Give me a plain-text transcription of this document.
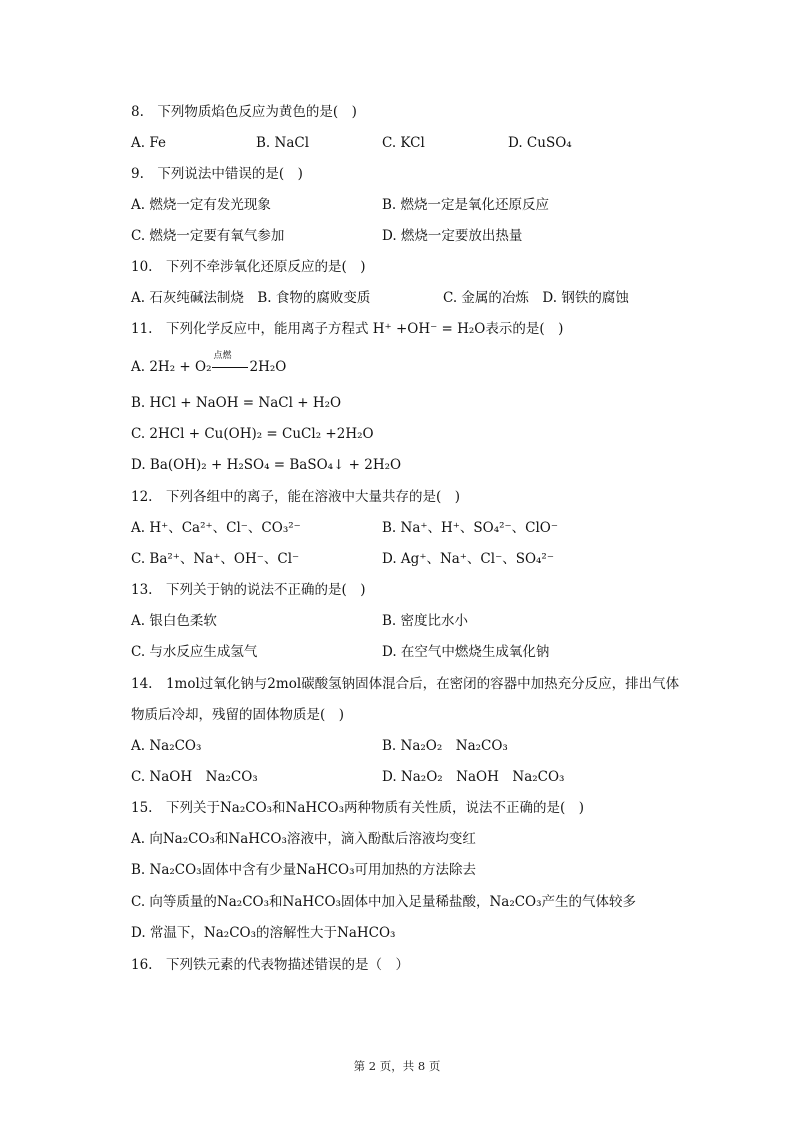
8.　下列物质焰色反应为黄色的是(　)
A. Fe	B. NaCl	C. KCl	D. CuSO₄
9.　下列说法中错误的是(　)
A. 燃烧一定有发光现象	B. 燃烧一定是氧化还原反应
C. 燃烧一定要有氧气参加	D. 燃烧一定要放出热量
10.　下列不牵涉氧化还原反应的是(　)
A. 石灰纯碱法制烧　B. 食物的腐败变质	C. 金属的冶炼　D. 钢铁的腐蚀
11.　下列化学反应中，能用离子方程式 H⁺ +OH⁻ = H₂O表示的是(　)
A. 2H₂ + O₂
点燃
2H₂O
B. HCl + NaOH = NaCl + H₂O
C. 2HCl + Cu(OH)₂ = CuCl₂ +2H₂O
D. Ba(OH)₂ + H₂SO₄ = BaSO₄↓ + 2H₂O
12.　下列各组中的离子，能在溶液中大量共存的是(　)
A. H⁺、Ca²⁺、Cl⁻、CO₃²⁻	B. Na⁺、H⁺、SO₄²⁻、ClO⁻
C. Ba²⁺、Na⁺、OH⁻、Cl⁻	D. Ag⁺、Na⁺、Cl⁻、SO₄²⁻
13.　下列关于钠的说法不正确的是(　)
A. 银白色柔软	B. 密度比水小
C. 与水反应生成氢气	D. 在空气中燃烧生成氧化钠
14.　1mol过氧化钠与2mol碳酸氢钠固体混合后，在密闭的容器中加热充分反应，排出气体
物质后冷却，残留的固体物质是(　)
A. Na₂CO₃	B. Na₂O₂　Na₂CO₃
C. NaOH　Na₂CO₃	D. Na₂O₂　NaOH　Na₂CO₃
15.　下列关于Na₂CO₃和NaHCO₃两种物质有关性质，说法不正确的是(　)
A. 向Na₂CO₃和NaHCO₃溶液中，滴入酚酞后溶液均变红
B. Na₂CO₃固体中含有少量NaHCO₃可用加热的方法除去
C. 向等质量的Na₂CO₃和NaHCO₃固体中加入足量稀盐酸，Na₂CO₃产生的气体较多
D. 常温下，Na₂CO₃的溶解性大于NaHCO₃
16.　下列铁元素的代表物描述错误的是（　）
第 2 页，共 8 页
